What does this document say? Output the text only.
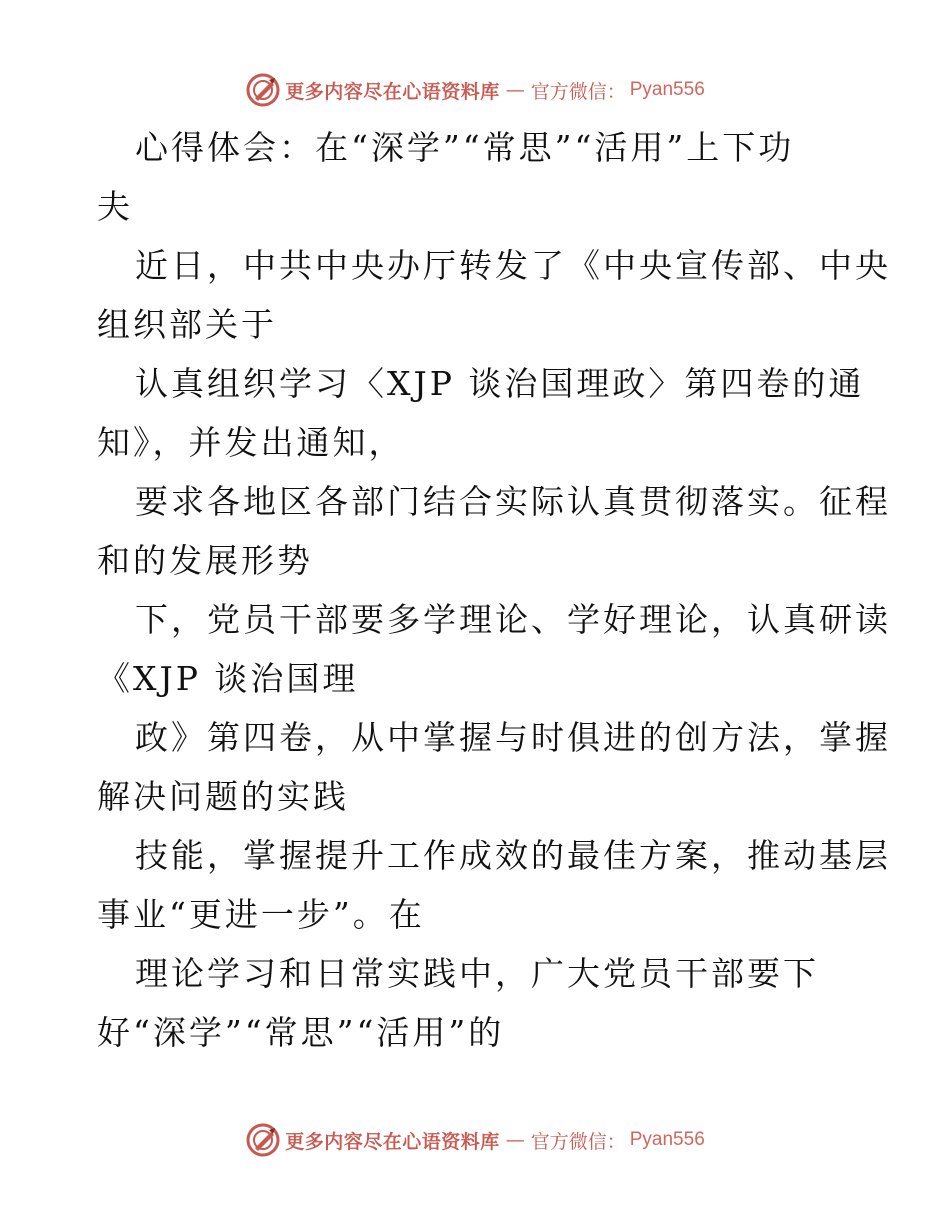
更多内容尽在心语资料库 — 官方微信： Pyan556
心得体会：在“深学”“常思”“活用”上下功
夫
近日，中共中央办厅转发了《中央宣传部、中央
组织部关于
认真组织学习〈XJP 谈治国理政〉第四卷的通
知》，并发出通知，
要求各地区各部门结合实际认真贯彻落实。征程
和的发展形势
下，党员干部要多学理论、学好理论，认真研读
《XJP 谈治国理
政》第四卷，从中掌握与时俱进的创方法，掌握
解决问题的实践
技能，掌握提升工作成效的最佳方案，推动基层
事业“更进一步”。在
理论学习和日常实践中，广大党员干部要下
好“深学”“常思”“活用”的
更多内容尽在心语资料库 — 官方微信： Pyan556
